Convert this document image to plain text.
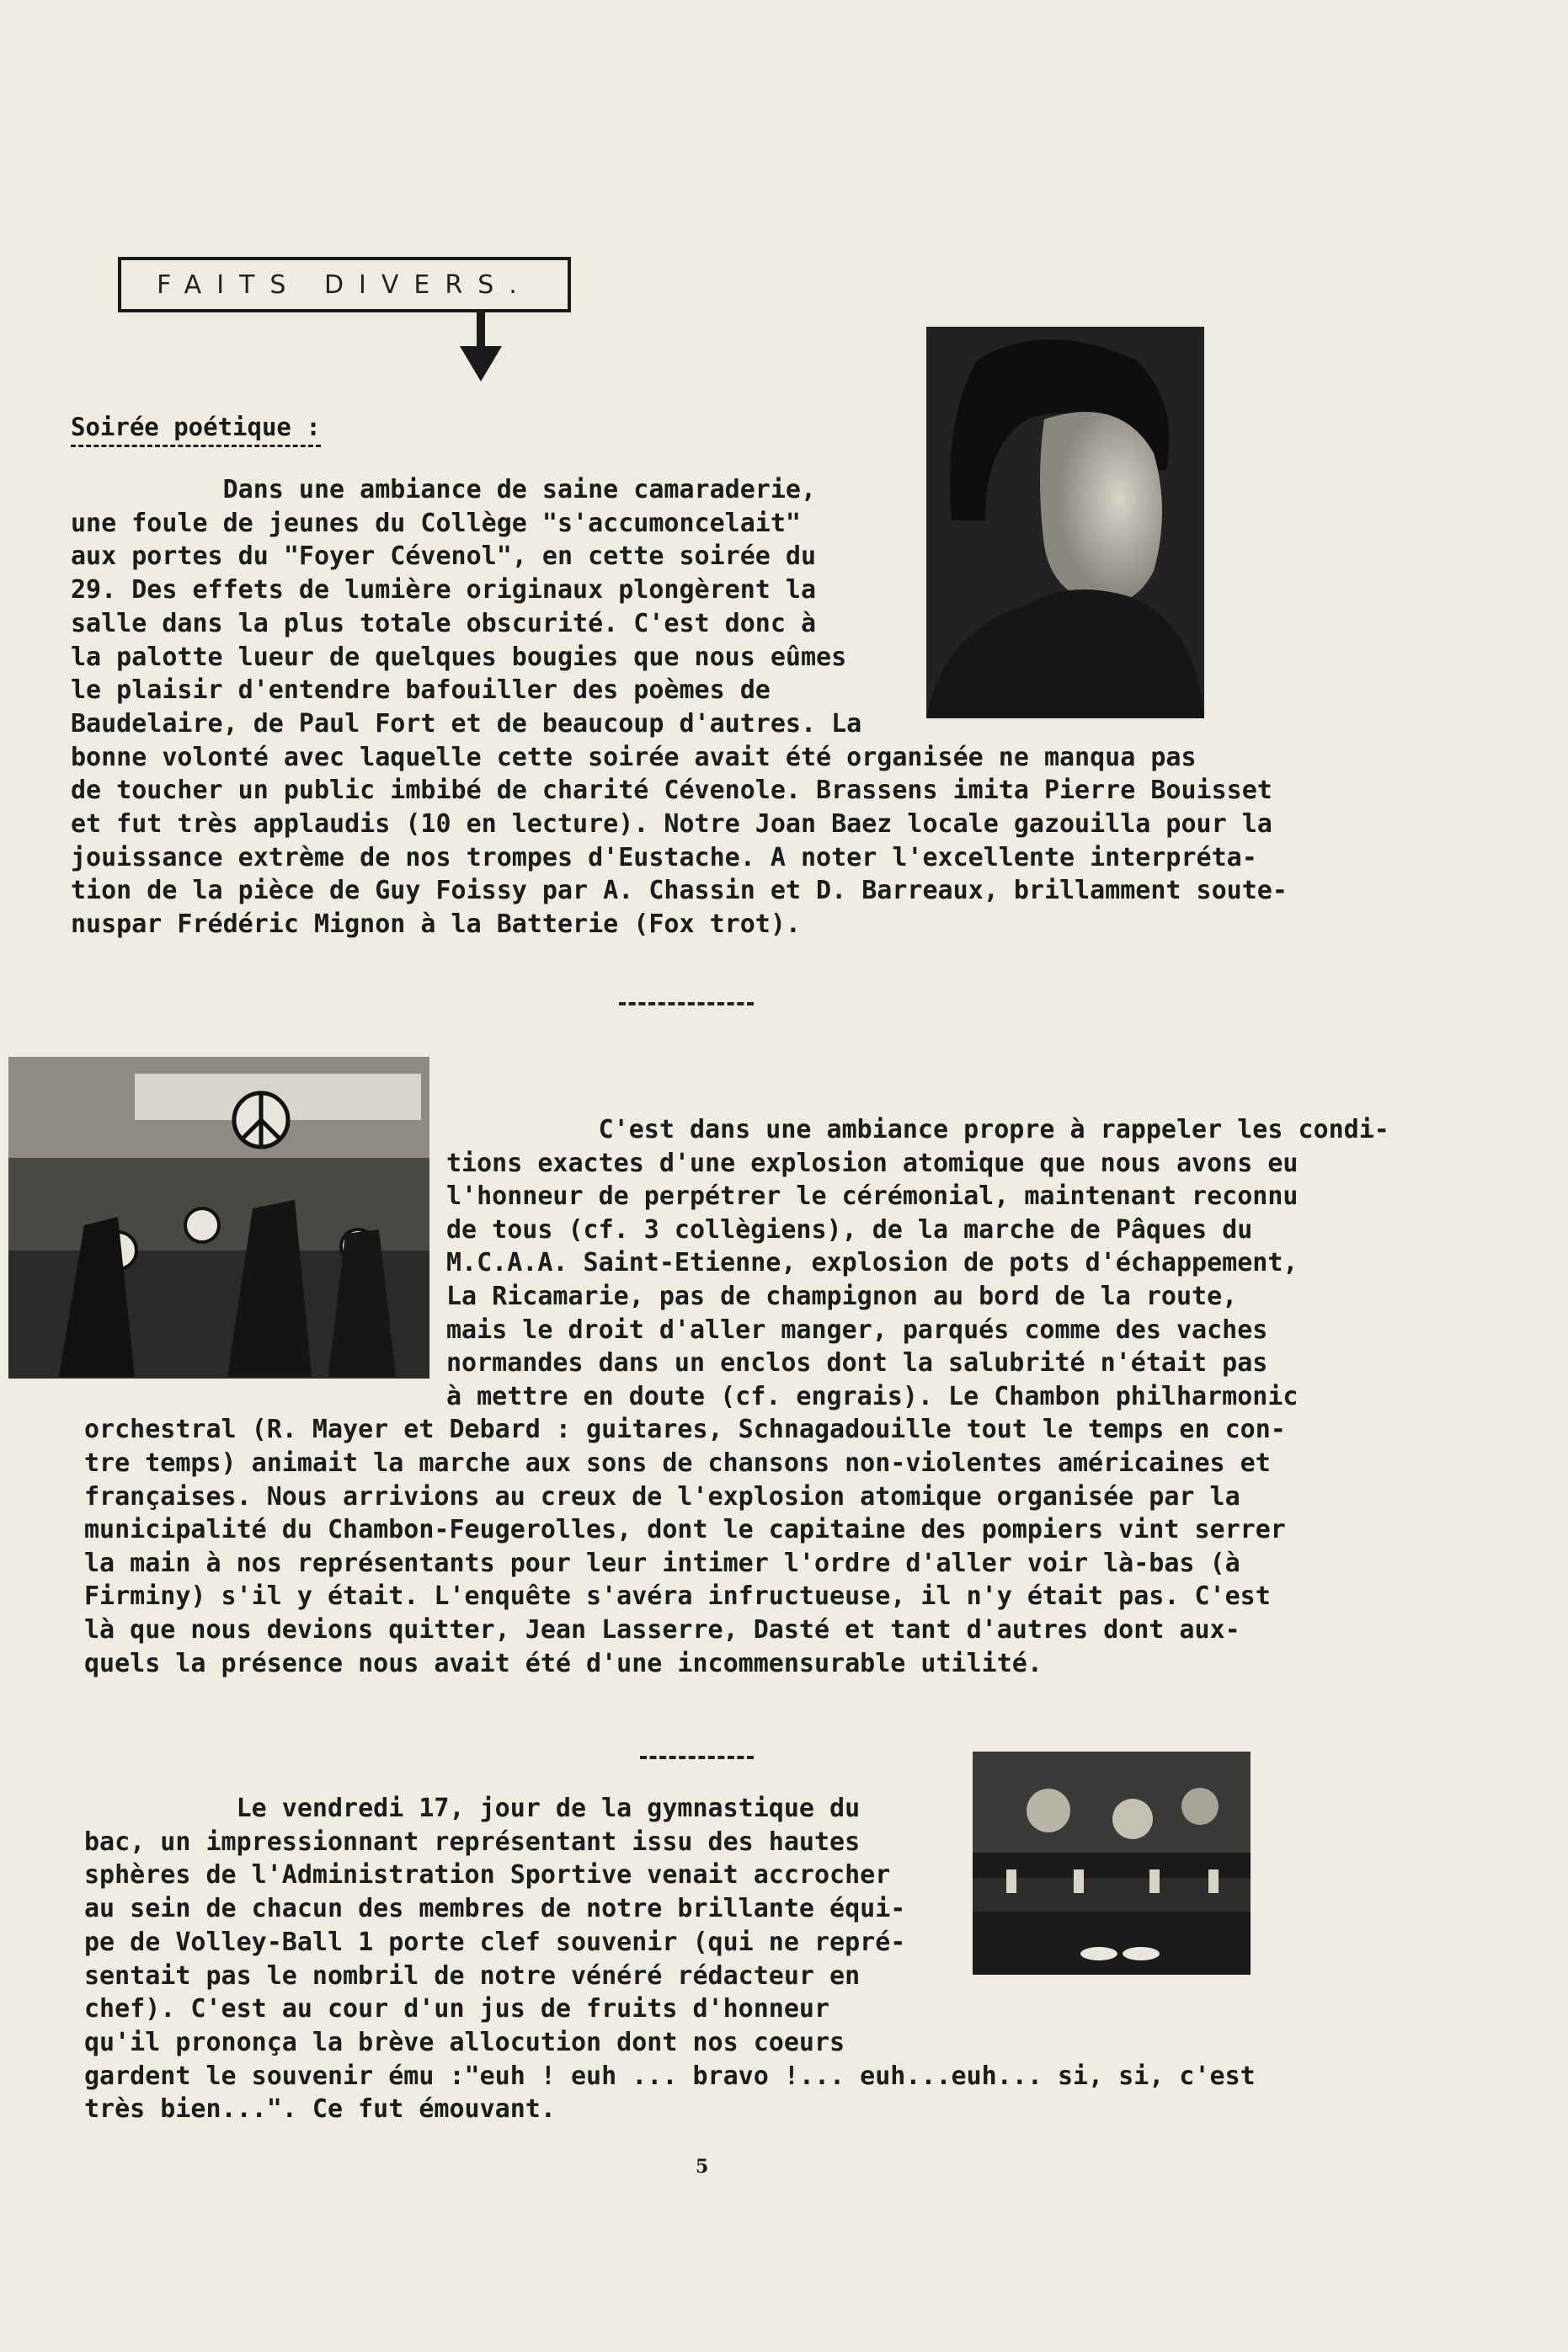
FAITS DIVERS.
Soirée poétique :
Dans une ambiance de saine camaraderie,
une foule de jeunes du Collège "s'accumoncelait"
aux portes du "Foyer Cévenol", en cette soirée du
29. Des effets de lumière originaux plongèrent la
salle dans la plus totale obscurité. C'est donc à
la palotte lueur de quelques bougies que nous eûmes
le plaisir d'entendre bafouiller des poèmes de
Baudelaire, de Paul Fort et de beaucoup d'autres. La
bonne volonté avec laquelle cette soirée avait été organisée ne manqua pas
de toucher un public imbibé de charité Cévenole. Brassens imita Pierre Bouisset
et fut très applaudis (10 en lecture). Notre Joan Baez locale gazouilla pour la
jouissance extrème de nos trompes d'Eustache. A noter l'excellente interpréta-
tion de la pièce de Guy Foissy par A. Chassin et D. Barreaux, brillamment soute-
nuspar Frédéric Mignon à la Batterie (Fox trot).
C'est dans une ambiance propre à rappeler les condi-
tions exactes d'une explosion atomique que nous avons eu
l'honneur de perpétrer le cérémonial, maintenant reconnu
de tous (cf. 3 collègiens), de la marche de Pâques du
M.C.A.A. Saint-Etienne, explosion de pots d'échappement,
La Ricamarie, pas de champignon au bord de la route,
mais le droit d'aller manger, parqués comme des vaches
normandes dans un enclos dont la salubrité n'était pas
à mettre en doute (cf. engrais). Le Chambon philharmonic
orchestral (R. Mayer et Debard : guitares, Schnagadouille tout le temps en con-
tre temps) animait la marche aux sons de chansons non-violentes américaines et
françaises. Nous arrivions au creux de l'explosion atomique organisée par la
municipalité du Chambon-Feugerolles, dont le capitaine des pompiers vint serrer
la main à nos représentants pour leur intimer l'ordre d'aller voir là-bas (à
Firminy) s'il y était. L'enquête s'avéra infructueuse, il n'y était pas. C'est
là que nous devions quitter, Jean Lasserre, Dasté et tant d'autres dont aux-
quels la présence nous avait été d'une incommensurable utilité.
Le vendredi 17, jour de la gymnastique du
bac, un impressionnant représentant issu des hautes
sphères de l'Administration Sportive venait accrocher
au sein de chacun des membres de notre brillante équi-
pe de Volley-Ball 1 porte clef souvenir (qui ne repré-
sentait pas le nombril de notre vénéré rédacteur en
chef). C'est au cour d'un jus de fruits d'honneur
qu'il prononça la brève allocution dont nos coeurs
gardent le souvenir ému :"euh ! euh ... bravo !... euh...euh... si, si, c'est
très bien...". Ce fut émouvant.
5
